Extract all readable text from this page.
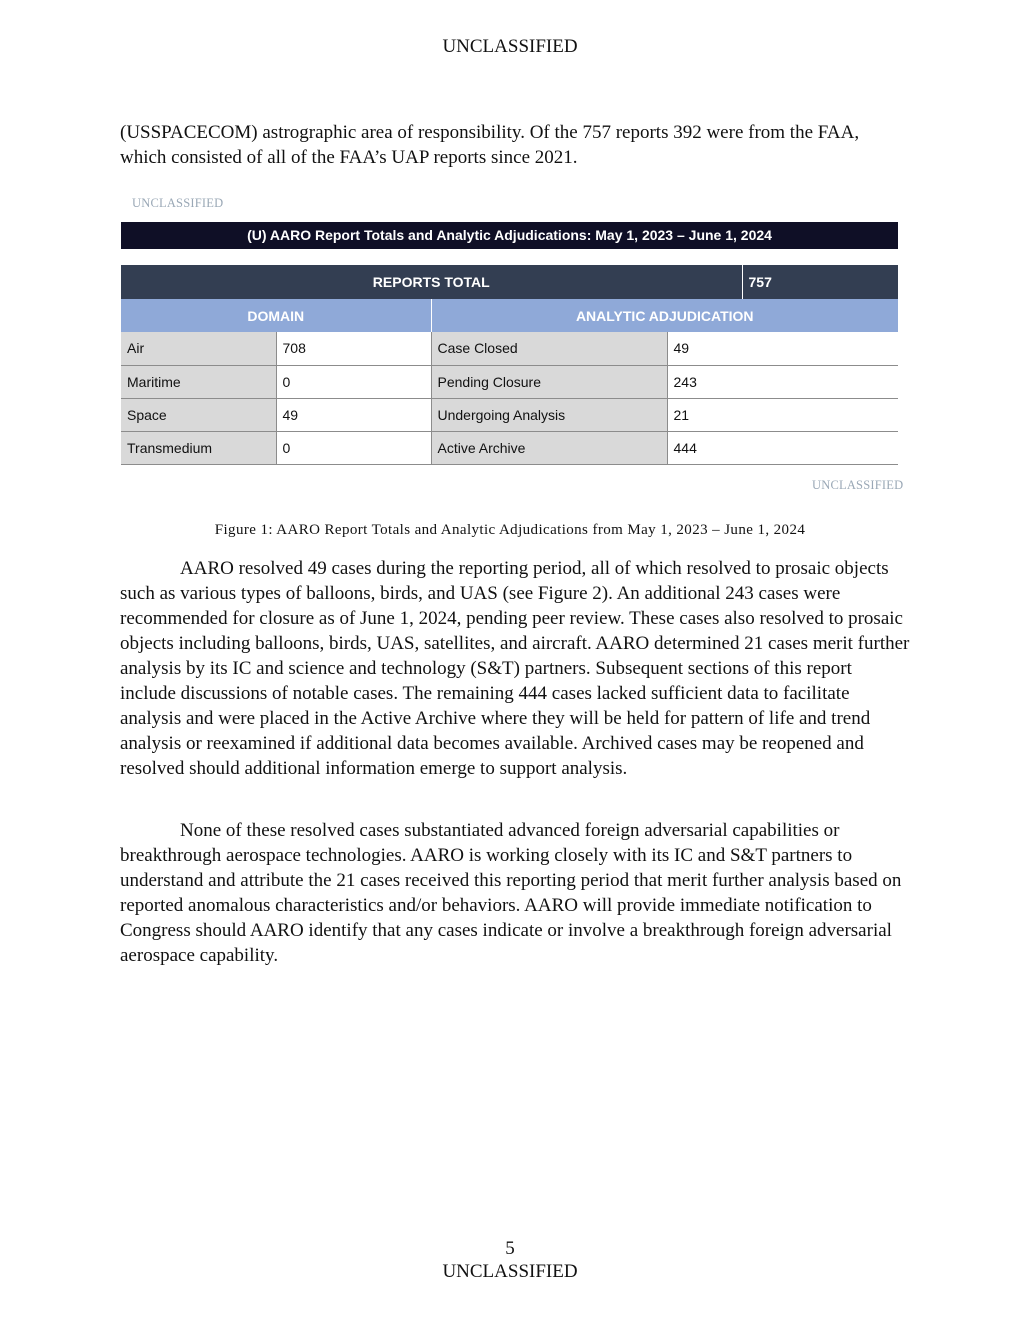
UNCLASSIFIED

(USSPACECOM) astrographic area of responsibility. Of the 757 reports 392 were from the FAA, which consisted of all of the FAA’s UAP reports since 2021.

UNCLASSIFIED
(U) AARO Report Totals and Analytic Adjudications: May 1, 2023 – June 1, 2024
REPORTS TOTAL				757
DOMAIN		ANALYTIC ADJUDICATION		
Air	708	Case Closed	49	
Maritime	0	Pending Closure	243	
Space	49	Undergoing Analysis	21	
Transmedium	0	Active Archive	444	
UNCLASSIFIED
Figure 1: AARO Report Totals and Analytic Adjudications from May 1, 2023 – June 1, 2024

AARO resolved 49 cases during the reporting period, all of which resolved to prosaic objects such as various types of balloons, birds, and UAS (see Figure 2). An additional 243 cases were recommended for closure as of June 1, 2024, pending peer review. These cases also resolved to prosaic objects including balloons, birds, UAS, satellites, and aircraft. AARO determined 21 cases merit further analysis by its IC and science and technology (S&T) partners. Subsequent sections of this report include discussions of notable cases. The remaining 444 cases lacked sufficient data to facilitate analysis and were placed in the Active Archive where they will be held for pattern of life and trend analysis or reexamined if additional data becomes available. Archived cases may be reopened and resolved should additional information emerge to support analysis.

None of these resolved cases substantiated advanced foreign adversarial capabilities or breakthrough aerospace technologies. AARO is working closely with its IC and S&T partners to understand and attribute the 21 cases received this reporting period that merit further analysis based on reported anomalous characteristics and/or behaviors. AARO will provide immediate notification to Congress should AARO identify that any cases indicate or involve a breakthrough foreign adversarial aerospace capability.

5
UNCLASSIFIED
